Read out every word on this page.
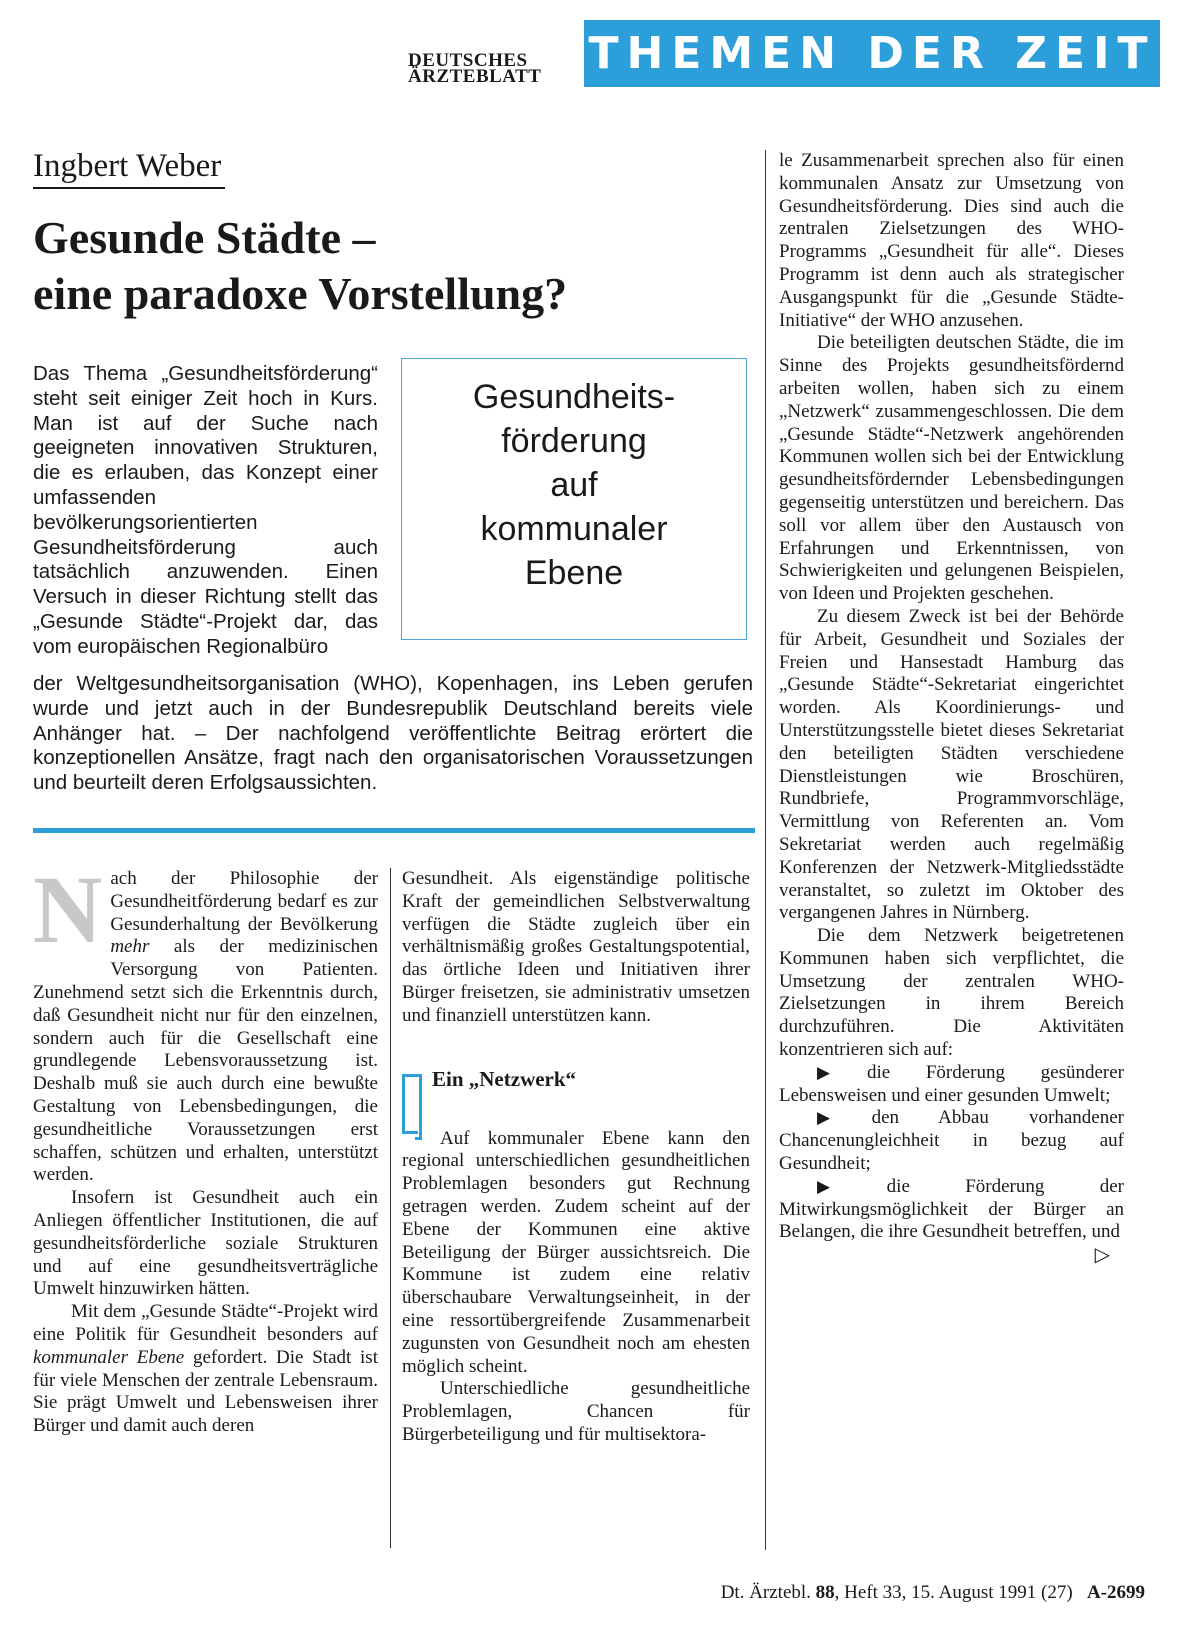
DEUTSCHES
ÄRZTEBLATT	THEMEN DER ZEIT
Ingbert Weber
Gesunde Städte –
eine paradoxe Vorstellung?
Das Thema „Gesundheitsförderung“ steht seit einiger Zeit hoch in Kurs. Man ist auf der Suche nach geeigneten innovativen Strukturen, die es erlauben, das Konzept einer umfassenden bevölkerungsorientierten Gesundheitsförderung auch tatsächlich anzuwenden. Einen Versuch in dieser Richtung stellt das „Gesunde Städte“-Projekt dar, das vom europäischen Regionalbüro
Gesundheits-
förderung
auf
kommunaler
Ebene
der Weltgesundheitsorganisation (WHO), Kopenhagen, ins Leben gerufen wurde und jetzt auch in der Bundesrepublik Deutschland bereits viele Anhänger hat. – Der nachfolgend veröffentlichte Beitrag erörtert die konzeptionellen Ansätze, fragt nach den organisatorischen Voraussetzungen und beurteilt deren Erfolgsaussichten.

Nach der Philosophie der Gesundheitförderung bedarf es zur Gesunderhaltung der Bevölkerung mehr als der medizinischen Versorgung von Patienten. Zunehmend setzt sich die Erkenntnis durch, daß Gesundheit nicht nur für den einzelnen, sondern auch für die Gesellschaft eine grundlegende Lebensvoraussetzung ist. Deshalb muß sie auch durch eine bewußte Gestaltung von Lebensbedingungen, die gesundheitliche Voraussetzungen erst schaffen, schützen und erhalten, unterstützt werden.

Insofern ist Gesundheit auch ein Anliegen öffentlicher Institutionen, die auf gesundheitsförderliche soziale Strukturen und auf eine gesundheitsverträgliche Umwelt hinzuwirken hätten.

Mit dem „Gesunde Städte“-Projekt wird eine Politik für Gesundheit besonders auf kommunaler Ebene gefordert. Die Stadt ist für viele Menschen der zentrale Lebensraum. Sie prägt Umwelt und Lebensweisen ihrer Bürger und damit auch deren

Gesundheit. Als eigenständige politische Kraft der gemeindlichen Selbstverwaltung verfügen die Städte zugleich über ein verhältnismäßig großes Gestaltungspotential, das örtliche Ideen und Initiativen ihrer Bürger freisetzen, sie administrativ umsetzen und finanziell unterstützen kann.

Ein „Netzwerk“

Auf kommunaler Ebene kann den regional unterschiedlichen gesundheitlichen Problemlagen besonders gut Rechnung getragen werden. Zudem scheint auf der Ebene der Kommunen eine aktive Beteiligung der Bürger aussichtsreich. Die Kommune ist zudem eine relativ überschaubare Verwaltungseinheit, in der eine ressortübergreifende Zusammenarbeit zugunsten von Gesundheit noch am ehesten möglich scheint.

Unterschiedliche gesundheitliche Problemlagen, Chancen für Bürgerbeteiligung und für multisektora-

le Zusammenarbeit sprechen also für einen kommunalen Ansatz zur Umsetzung von Gesundheitsförderung. Dies sind auch die zentralen Zielsetzungen des WHO-Programms „Gesundheit für alle“. Dieses Programm ist denn auch als strategischer Ausgangspunkt für die „Gesunde Städte-Initiative“ der WHO anzusehen.

Die beteiligten deutschen Städte, die im Sinne des Projekts gesundheitsfördernd arbeiten wollen, haben sich zu einem „Netzwerk“ zusammengeschlossen. Die dem „Gesunde Städte“-Netzwerk angehörenden Kommunen wollen sich bei der Entwicklung gesundheitsfördernder Lebensbedingungen gegenseitig unterstützen und bereichern. Das soll vor allem über den Austausch von Erfahrungen und Erkenntnissen, von Schwierigkeiten und gelungenen Beispielen, von Ideen und Projekten geschehen.

Zu diesem Zweck ist bei der Behörde für Arbeit, Gesundheit und Soziales der Freien und Hansestadt Hamburg das „Gesunde Städte“-Sekretariat eingerichtet worden. Als Koordinierungs- und Unterstützungsstelle bietet dieses Sekretariat den beteiligten Städten verschiedene Dienstleistungen wie Broschüren, Rundbriefe, Programmvorschläge, Vermittlung von Referenten an. Vom Sekretariat werden auch regelmäßig Konferenzen der Netzwerk-Mitgliedsstädte veranstaltet, so zuletzt im Oktober des vergangenen Jahres in Nürnberg.

Die dem Netzwerk beigetretenen Kommunen haben sich verpflichtet, die Umsetzung der zentralen WHO-Zielsetzungen in ihrem Bereich durchzuführen. Die Aktivitäten konzentrieren sich auf:

▶ die Förderung gesünderer Lebensweisen und einer gesunden Umwelt;

▶ den Abbau vorhandener Chancenungleichheit in bezug auf Gesundheit;

▶ die Förderung der Mitwirkungsmöglichkeit der Bürger an Belangen, die ihre Gesundheit betreffen, und
▷

Dt. Ärztebl. 88, Heft 33, 15. August 1991 (27) A-2699
